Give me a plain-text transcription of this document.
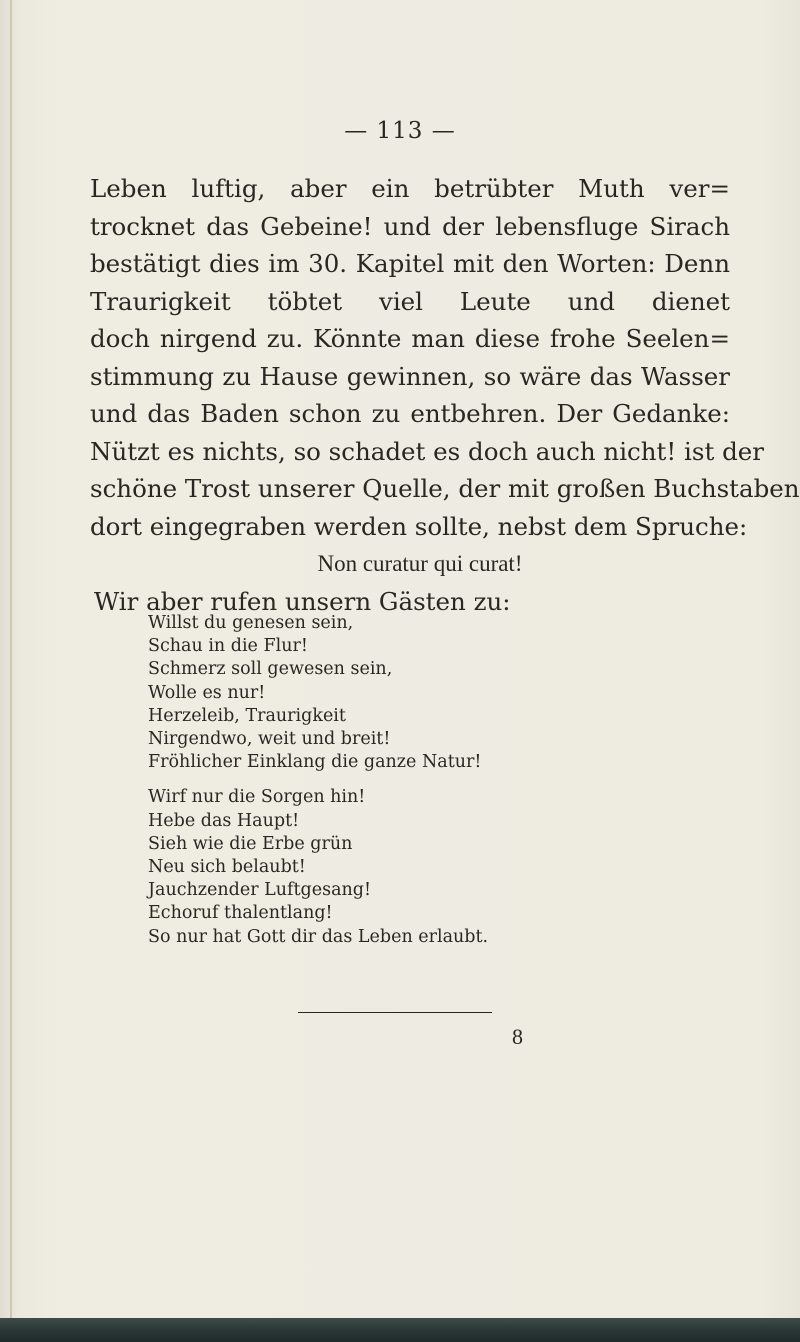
— 113 —
Leben luftig, aber ein betrübter Muth ver=
trocknet das Gebeine! und der lebensfluge Sirach
bestätigt dies im 30. Kapitel mit den Worten: Denn
Traurigkeit töbtet viel Leute und dienet
doch nirgend zu. Könnte man diese frohe Seelen=
stimmung zu Hause gewinnen, so wäre das Wasser
und das Baden schon zu entbehren. Der Gedanke:
Nützt es nichts, so schadet es doch auch nicht! ist der
schöne Trost unserer Quelle, der mit großen Buchstaben
dort eingegraben werden sollte, nebst dem Spruche:
Non curatur qui curat!
Wir aber rufen unsern Gästen zu:
Willst du genesen sein,
Schau in die Flur!
Schmerz soll gewesen sein,
Wolle es nur!
Herzeleib, Traurigkeit
Nirgendwo, weit und breit!
Fröhlicher Einklang die ganze Natur!
Wirf nur die Sorgen hin!
Hebe das Haupt!
Sieh wie die Erbe grün
Neu sich belaubt!
Jauchzender Luftgesang!
Echoruf thalentlang!
So nur hat Gott dir das Leben erlaubt.
8
